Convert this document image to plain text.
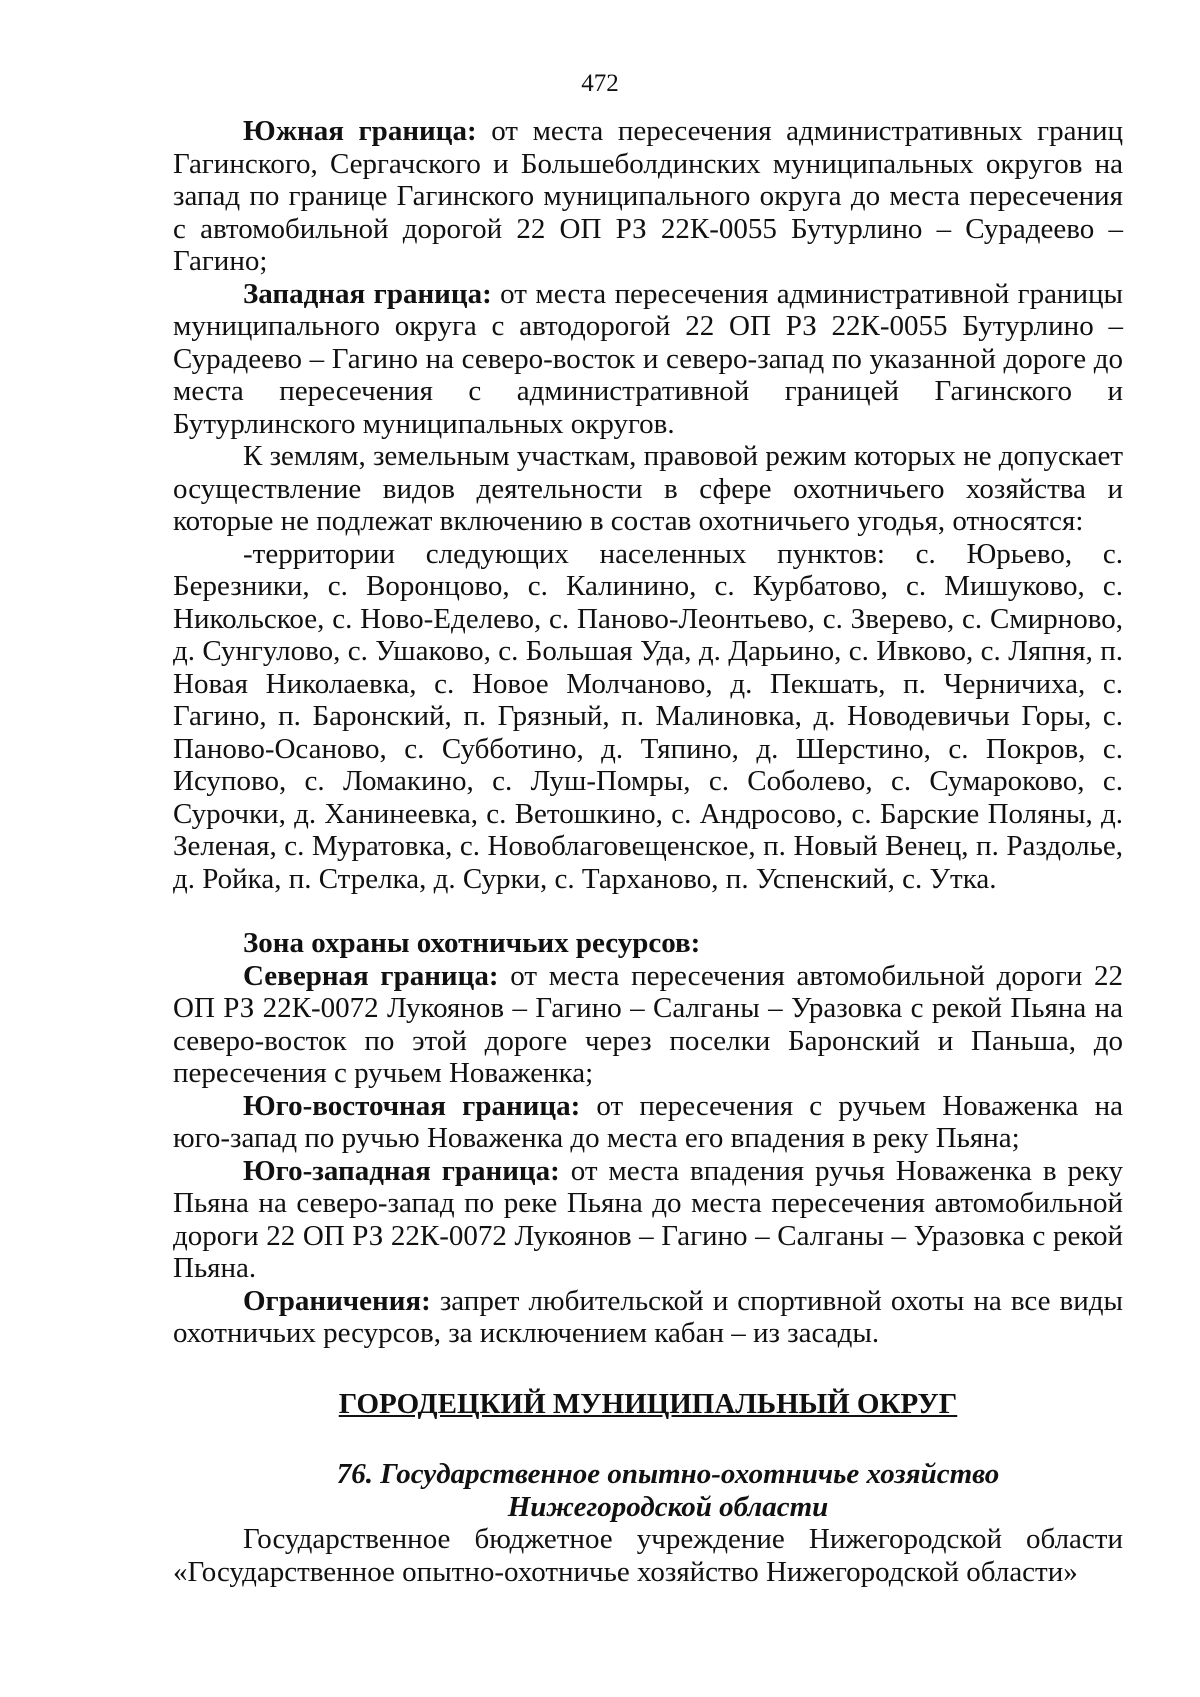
472

Южная граница: от места пересечения административных границ Гагинского, Сергачского и Большеболдинских муниципальных округов на запад по границе Гагинского муниципального округа до места пересечения с автомобильной дорогой 22 ОП РЗ 22К-0055 Бутурлино – Сурадеево – Гагино;

Западная граница: от места пересечения административной границы муниципального округа с автодорогой 22 ОП РЗ 22К-0055 Бутурлино – Сурадеево – Гагино на северо-восток и северо-запад по указанной дороге до места пересечения с административной границей Гагинского и Бутурлинского муниципальных округов.

К землям, земельным участкам, правовой режим которых не допускает осуществление видов деятельности в сфере охотничьего хозяйства и которые не подлежат включению в состав охотничьего угодья, относятся:

-территории следующих населенных пунктов: с. Юрьево, с. Березники, с. Воронцово, с. Калинино, с. Курбатово, с. Мишуково, с. Никольское, с. Ново-Еделево, с. Паново-Леонтьево, с. Зверево, с. Смирново, д. Сунгулово, с. Ушаково, с. Большая Уда, д. Дарьино, с. Ивково, с. Ляпня, п. Новая Николаевка, с. Новое Молчаново, д. Пекшать, п. Черничиха, с. Гагино, п. Баронский, п. Грязный, п. Малиновка, д. Новодевичьи Горы, с. Паново-Осаново, с. Субботино, д. Тяпино, д. Шерстино, с. Покров, с. Исупово, с. Ломакино, с. Луш-Помры, с. Соболево, с. Сумароково, с. Сурочки, д. Ханинеевка, с. Ветошкино, с. Андросово, с. Барские Поляны, д. Зеленая, с. Муратовка, с. Новоблаговещенское, п. Новый Венец, п. Раздолье, д. Ройка, п. Стрелка, д. Сурки, с. Тарханово, п. Успенский, с. Утка.

Зона охраны охотничьих ресурсов:

Северная граница: от места пересечения автомобильной дороги 22 ОП РЗ 22К-0072 Лукоянов – Гагино – Салганы – Уразовка с рекой Пьяна на северо-восток по этой дороге через поселки Баронский и Паньша, до пересечения с ручьем Новаженка;

Юго-восточная граница: от пересечения с ручьем Новаженка на юго-запад по ручью Новаженка до места его впадения в реку Пьяна;

Юго-западная граница: от места впадения ручья Новаженка в реку Пьяна на северо-запад по реке Пьяна до места пересечения автомобильной дороги 22 ОП РЗ 22К-0072 Лукоянов – Гагино – Салганы – Уразовка с рекой Пьяна.

Ограничения: запрет любительской и спортивной охоты на все виды охотничьих ресурсов, за исключением кабан – из засады.

ГОРОДЕЦКИЙ МУНИЦИПАЛЬНЫЙ ОКРУГ

76. Государственное опытно-охотничье хозяйство Нижегородской области

Государственное бюджетное учреждение Нижегородской области «Государственное опытно-охотничье хозяйство Нижегородской области»
